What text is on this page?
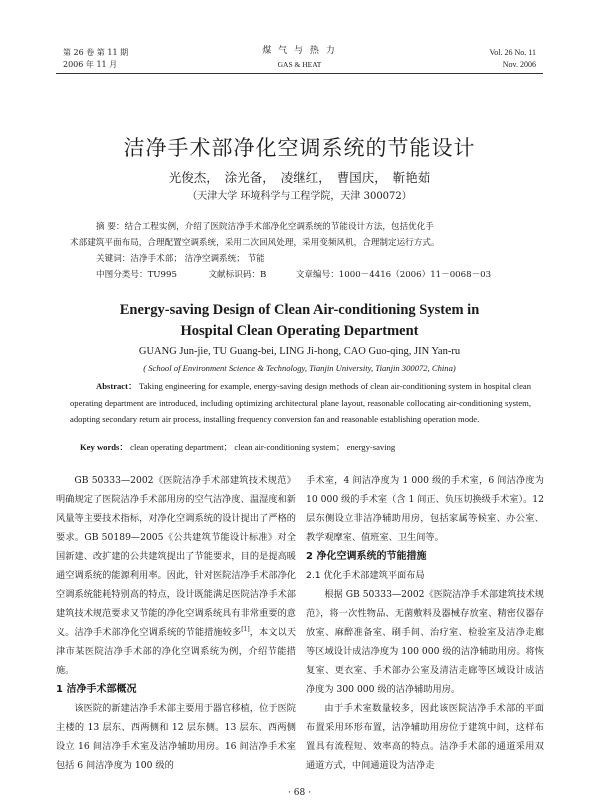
第 26 卷 第 11 期
2006 年 11 月
煤 气 与 热 力
GAS & HEAT
Vol. 26 No. 11
Nov. 2006
洁净手术部净化空调系统的节能设计
光俊杰， 涂光备， 凌继红， 曹国庆， 靳艳茹
（天津大学 环境科学与工程学院，天津 300072）
摘 要：结合工程实例，介绍了医院洁净手术部净化空调系统的节能设计方法，包括优化手
术部建筑平面布局，合理配置空调系统，采用二次回风处理，采用变频风机，合理制定运行方式。
关键词：洁净手术部； 洁净空调系统； 节能
中图分类号：TU995	文献标识码：B	文章编号：1000－4416（2006）11－0068－03
Energy-saving Design of Clean Air-conditioning System in
Hospital Clean Operating Department
GUANG Jun-jie, TU Guang-bei, LING Ji-hong, CAO Guo-qing, JIN Yan-ru
( School of Environment Science & Technology, Tianjin University, Tianjin 300072, China)
Abstract： Taking engineering for example, energy-saving design methods of clean air-conditioning system in hospital clean operating department are introduced, including optimizing architectural plane layout, reasonable collocating air-conditioning system, adopting secondary return air process, installing frequency conversion fan and reasonable establishing operation mode.
Key words： clean operating department； clean air-conditioning system； energy-saving

GB 50333—2002《医院洁净手术部建筑技术规范》明确规定了医院洁净手术部用房的空气洁净度、温湿度和新风量等主要技术指标，对净化空调系统的设计提出了严格的要求。GB 50189—2005《公共建筑节能设计标准》对全国新建、改扩建的公共建筑提出了节能要求，目的是提高暖通空调系统的能源利用率。因此，针对医院洁净手术部净化空调系统能耗特别高的特点，设计既能满足医院洁净手术部建筑技术规范要求又节能的净化空调系统具有非常重要的意义。洁净手术部净化空调系统的节能措施较多[1]，本文以天津市某医院洁净手术部的净化空调系统为例，介绍节能措施。

1 洁净手术部概况

该医院的新建洁净手术部主要用于器官移植，位于医院主楼的 13 层东、西两侧和 12 层东侧。13 层东、西两侧设立 16 间洁净手术室及洁净辅助用房。16 间洁净手术室包括 6 间洁净度为 100 级的

手术室，4 间洁净度为 1 000 级的手术室，6 间洁净度为 10 000 级的手术室（含 1 间正、负压切换级手术室）。12 层东侧设立非洁净辅助用房，包括家属等候室、办公室、教学观摩室、值班室、卫生间等。

2 净化空调系统的节能措施

2.1 优化手术部建筑平面布局

根据 GB 50333—2002《医院洁净手术部建筑技术规范》，将一次性物品、无菌敷料及器械存放室、精密仪器存放室、麻醉准备室、刷手间、治疗室、检验室及洁净走廊等区域设计成洁净度为 100 000 级的洁净辅助用房。将恢复室、更衣室、手术部办公室及清洁走廊等区域设计成洁净度为 300 000 级的洁净辅助用房。

由于手术室数量较多，因此该医院洁净手术部的平面布置采用环形布置，洁净辅助用房位于建筑中间，这样布置具有流程短、效率高的特点。洁净手术部的通道采用双通道方式，中间通道设为洁净走

· 68 ·
